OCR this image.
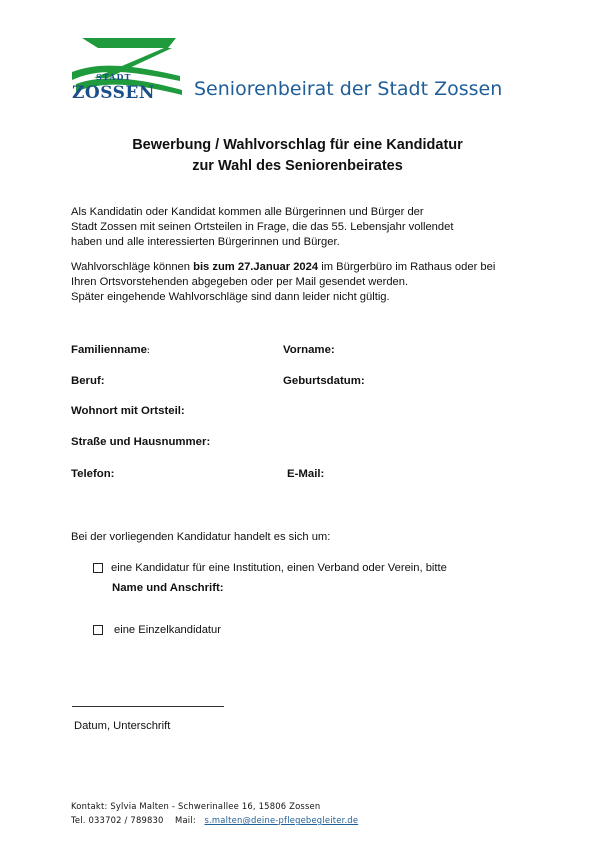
STADT
ZOSSEN Seniorenbeirat der Stadt Zossen
Bewerbung / Wahlvorschlag für eine Kandidatur
zur Wahl des Seniorenbeirates
Als Kandidatin oder Kandidat kommen alle Bürgerinnen und Bürger der
Stadt Zossen mit seinen Ortsteilen in Frage, die das 55. Lebensjahr vollendet
haben und alle interessierten Bürgerinnen und Bürger.
Wahlvorschläge können bis zum 27.Januar 2024 im Bürgerbüro im Rathaus oder bei
Ihren Ortsvorstehenden abgegeben oder per Mail gesendet werden.
Später eingehende Wahlvorschläge sind dann leider nicht gültig.
Familienname:	Vorname:
Beruf:	Geburtsdatum:
Wohnort mit Ortsteil:
Straße und Hausnummer:
Telefon:	E-Mail:
Bei der vorliegenden Kandidatur handelt es sich um:
eine Kandidatur für eine Institution, einen Verband oder Verein, bitte
Name und Anschrift:
eine Einzelkandidatur
Datum, Unterschrift
Kontakt: Sylvia Malten - Schwerinallee 16, 15806 Zossen
Tel. 033702 / 789830 Mail: s.malten@deine-pflegebegleiter.de
